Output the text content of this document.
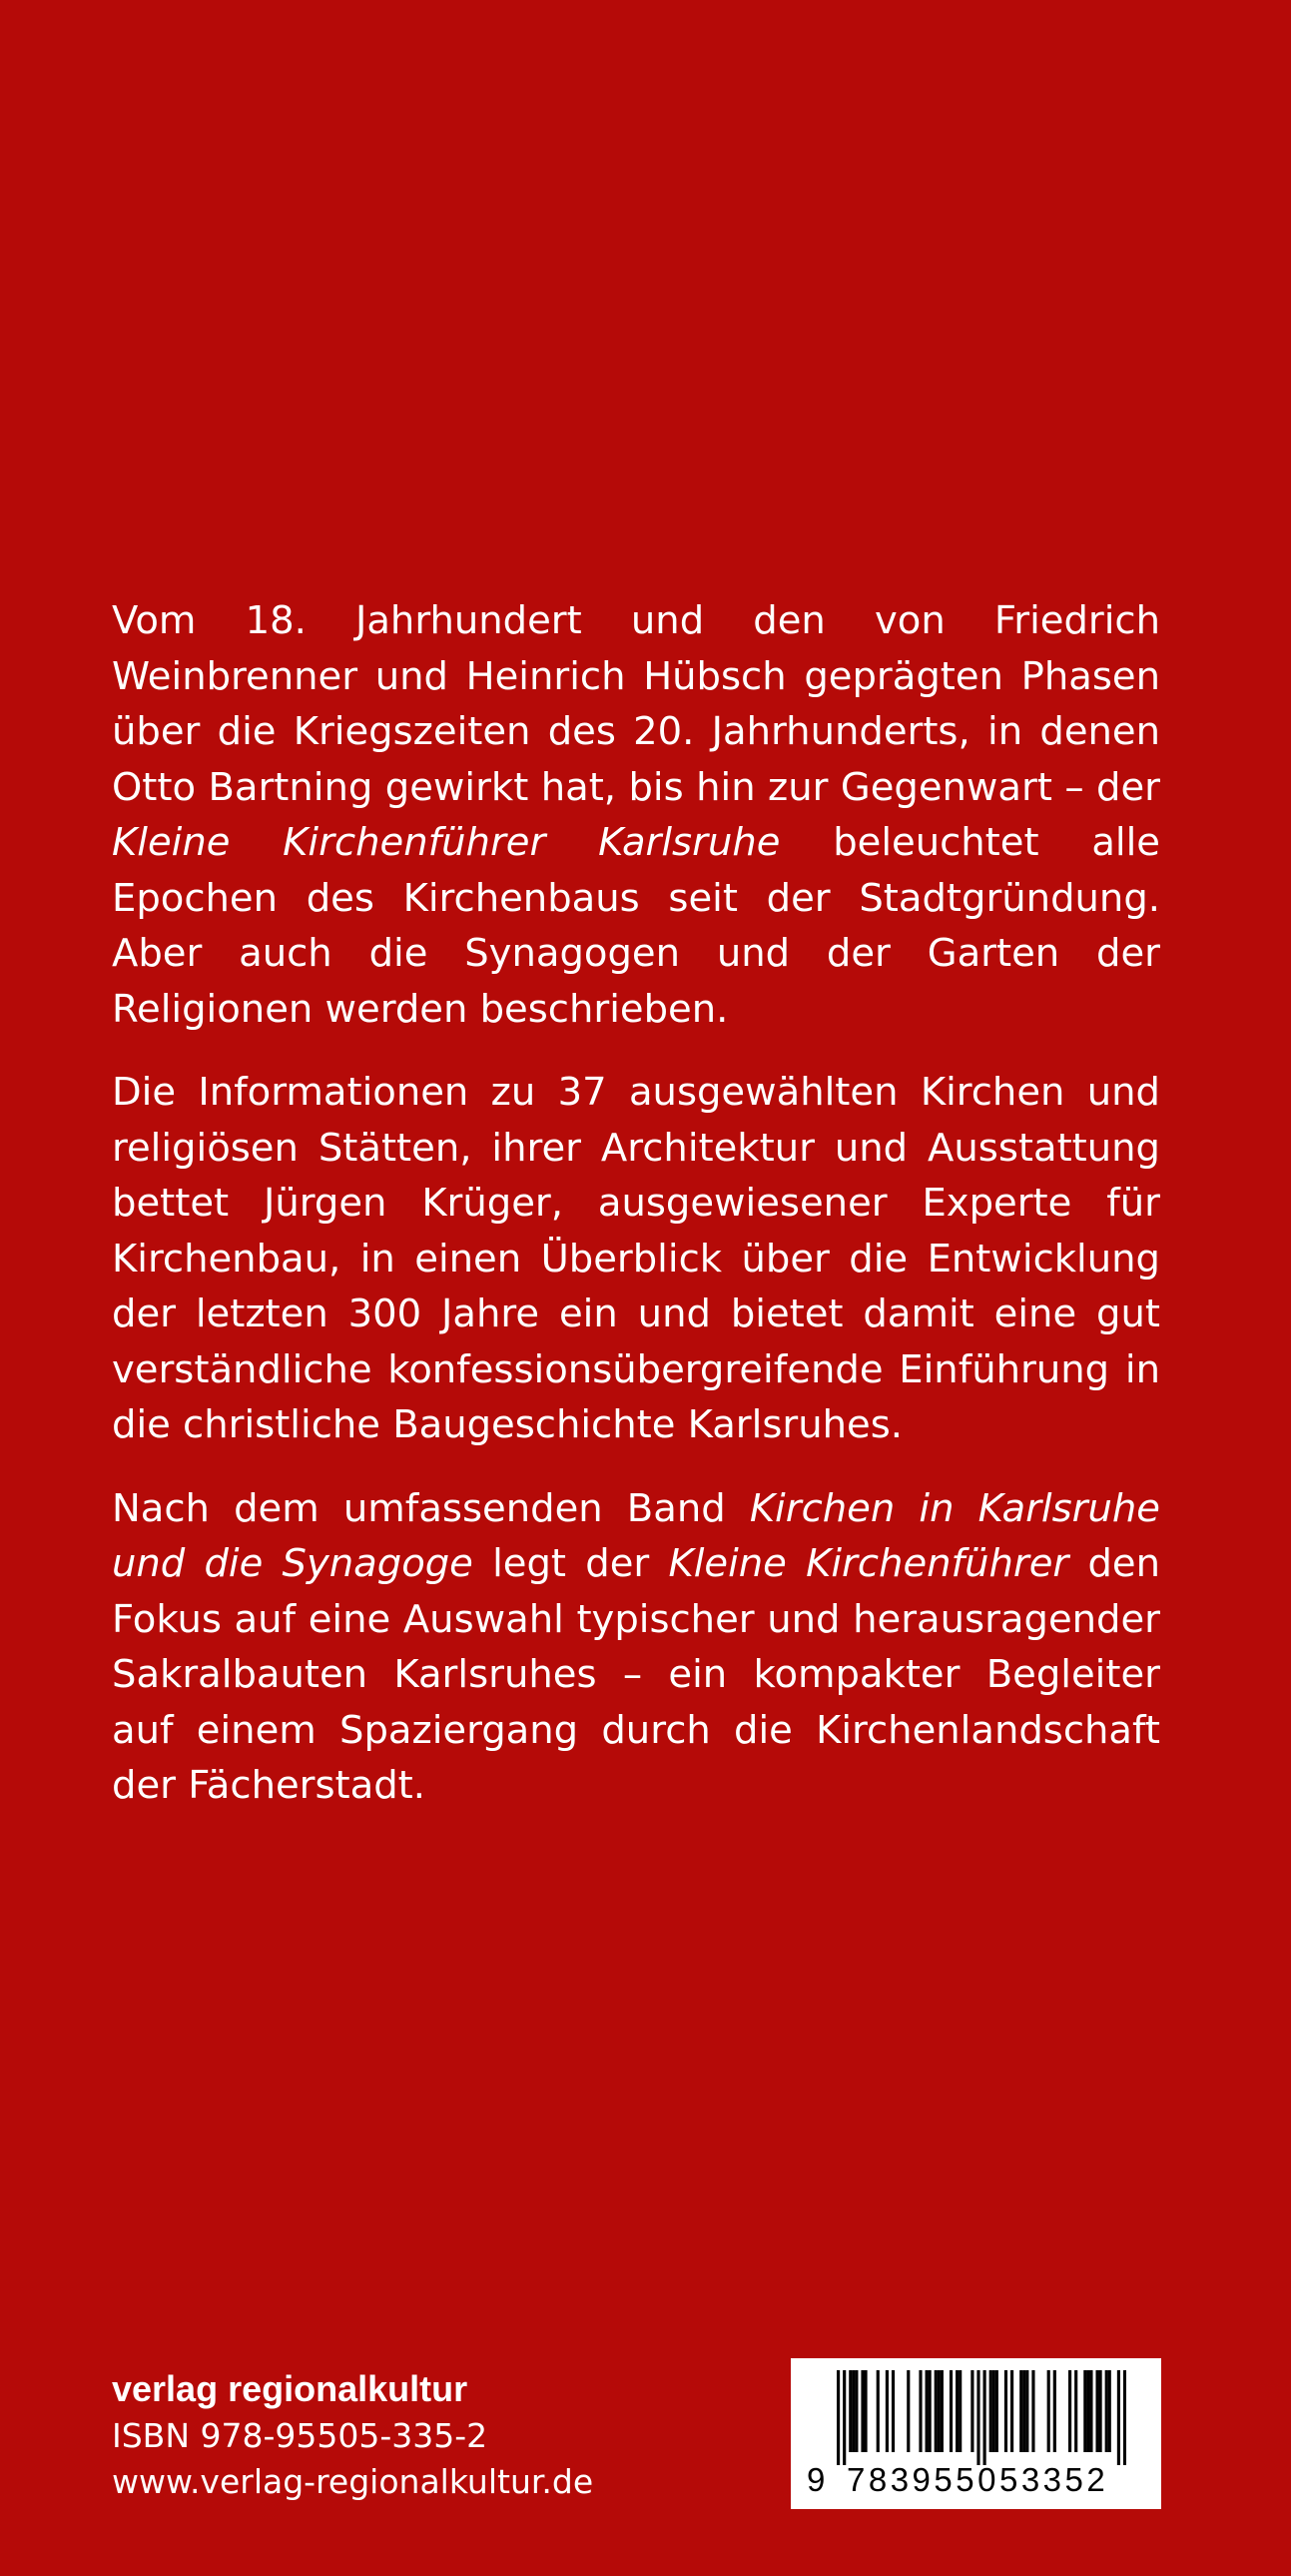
Vom 18. Jahrhundert und den von Friedrich Weinbrenner und Heinrich Hübsch geprägten Phasen über die Kriegszeiten des 20. Jahrhunderts, in denen Otto Bartning gewirkt hat, bis hin zur Gegenwart – der Kleine Kirchenführer Karlsruhe beleuchtet alle Epochen des Kirchenbaus seit der Stadtgründung. Aber auch die Synagogen und der Garten der Religionen werden beschrieben.

Die Informationen zu 37 ausgewählten Kirchen und religiösen Stätten, ihrer Architektur und Ausstattung bettet Jürgen Krüger, ausgewiesener Experte für Kirchenbau, in einen Überblick über die Entwicklung der letzten 300 Jahre ein und bietet damit eine gut verständliche konfessionsübergreifende Einführung in die christliche Baugeschichte Karlsruhes.

Nach dem umfassenden Band Kirchen in Karlsruhe und die Synagoge legt der Kleine Kirchenführer den Fokus auf eine Auswahl typischer und herausragender Sakralbauten Karlsruhes – ein kompakter Begleiter auf einem Spaziergang durch die Kirchenlandschaft der Fächerstadt.

verlag regionalkultur
ISBN 978-95505-335-2
www.verlag-regionalkultur.de	9 783955053352
